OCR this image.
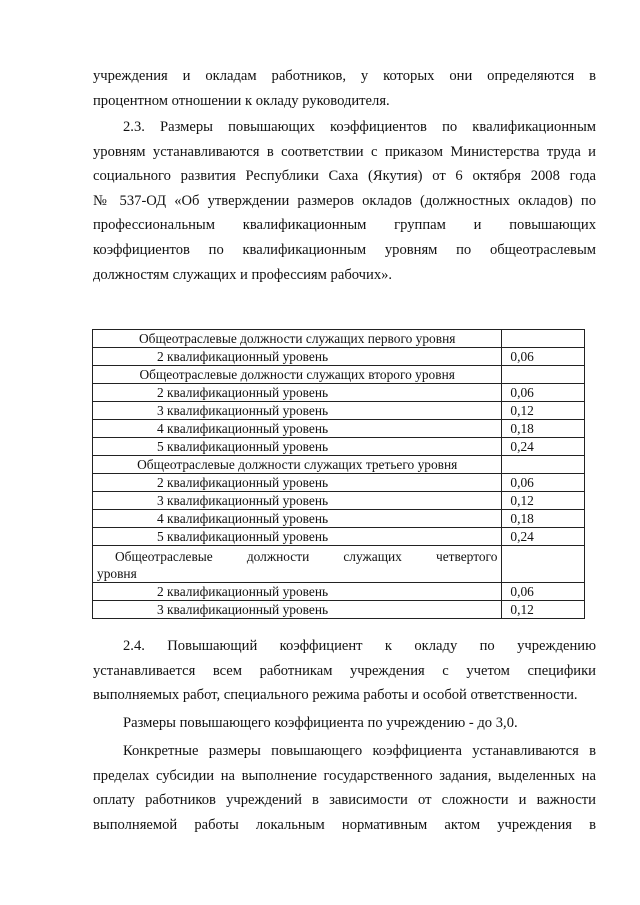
учреждения и окладам работников, у которых они определяются в
процентном отношении к окладу руководителя.
2.3. Размеры повышающих коэффициентов по квалификационным
уровням устанавливаются в соответствии с приказом Министерства труда и
социального развития Республики Саха (Якутия) от 6 октября 2008 года
№ 537-ОД «Об утверждении размеров окладов (должностных окладов) по
профессиональным квалификационным группам и повышающих
коэффициентов по квалификационным уровням по общеотраслевым
должностям служащих и профессиям рабочих».
Общеотраслевые должности служащих первого уровня	
2 квалификационный уровень	0,06
Общеотраслевые должности служащих второго уровня	
2 квалификационный уровень	0,06
3 квалификационный уровень	0,12
4 квалификационный уровень	0,18
5 квалификационный уровень	0,24
Общеотраслевые должности служащих третьего уровня	
2 квалификационный уровень	0,06
3 квалификационный уровень	0,12
4 квалификационный уровень	0,18
5 квалификационный уровень	0,24

Общеотраслевые должности служащих четвертого
уровня	

2 квалификационный уровень	0,06
3 квалификационный уровень	0,12
2.4. Повышающий коэффициент к окладу по учреждению
устанавливается всем работникам учреждения с учетом специфики
выполняемых работ, специального режима работы и особой ответственности.
Размеры повышающего коэффициента по учреждению - до 3,0.
Конкретные размеры повышающего коэффициента устанавливаются в
пределах субсидии на выполнение государственного задания, выделенных на
оплату работников учреждений в зависимости от сложности и важности
выполняемой работы локальным нормативным актом учреждения в
